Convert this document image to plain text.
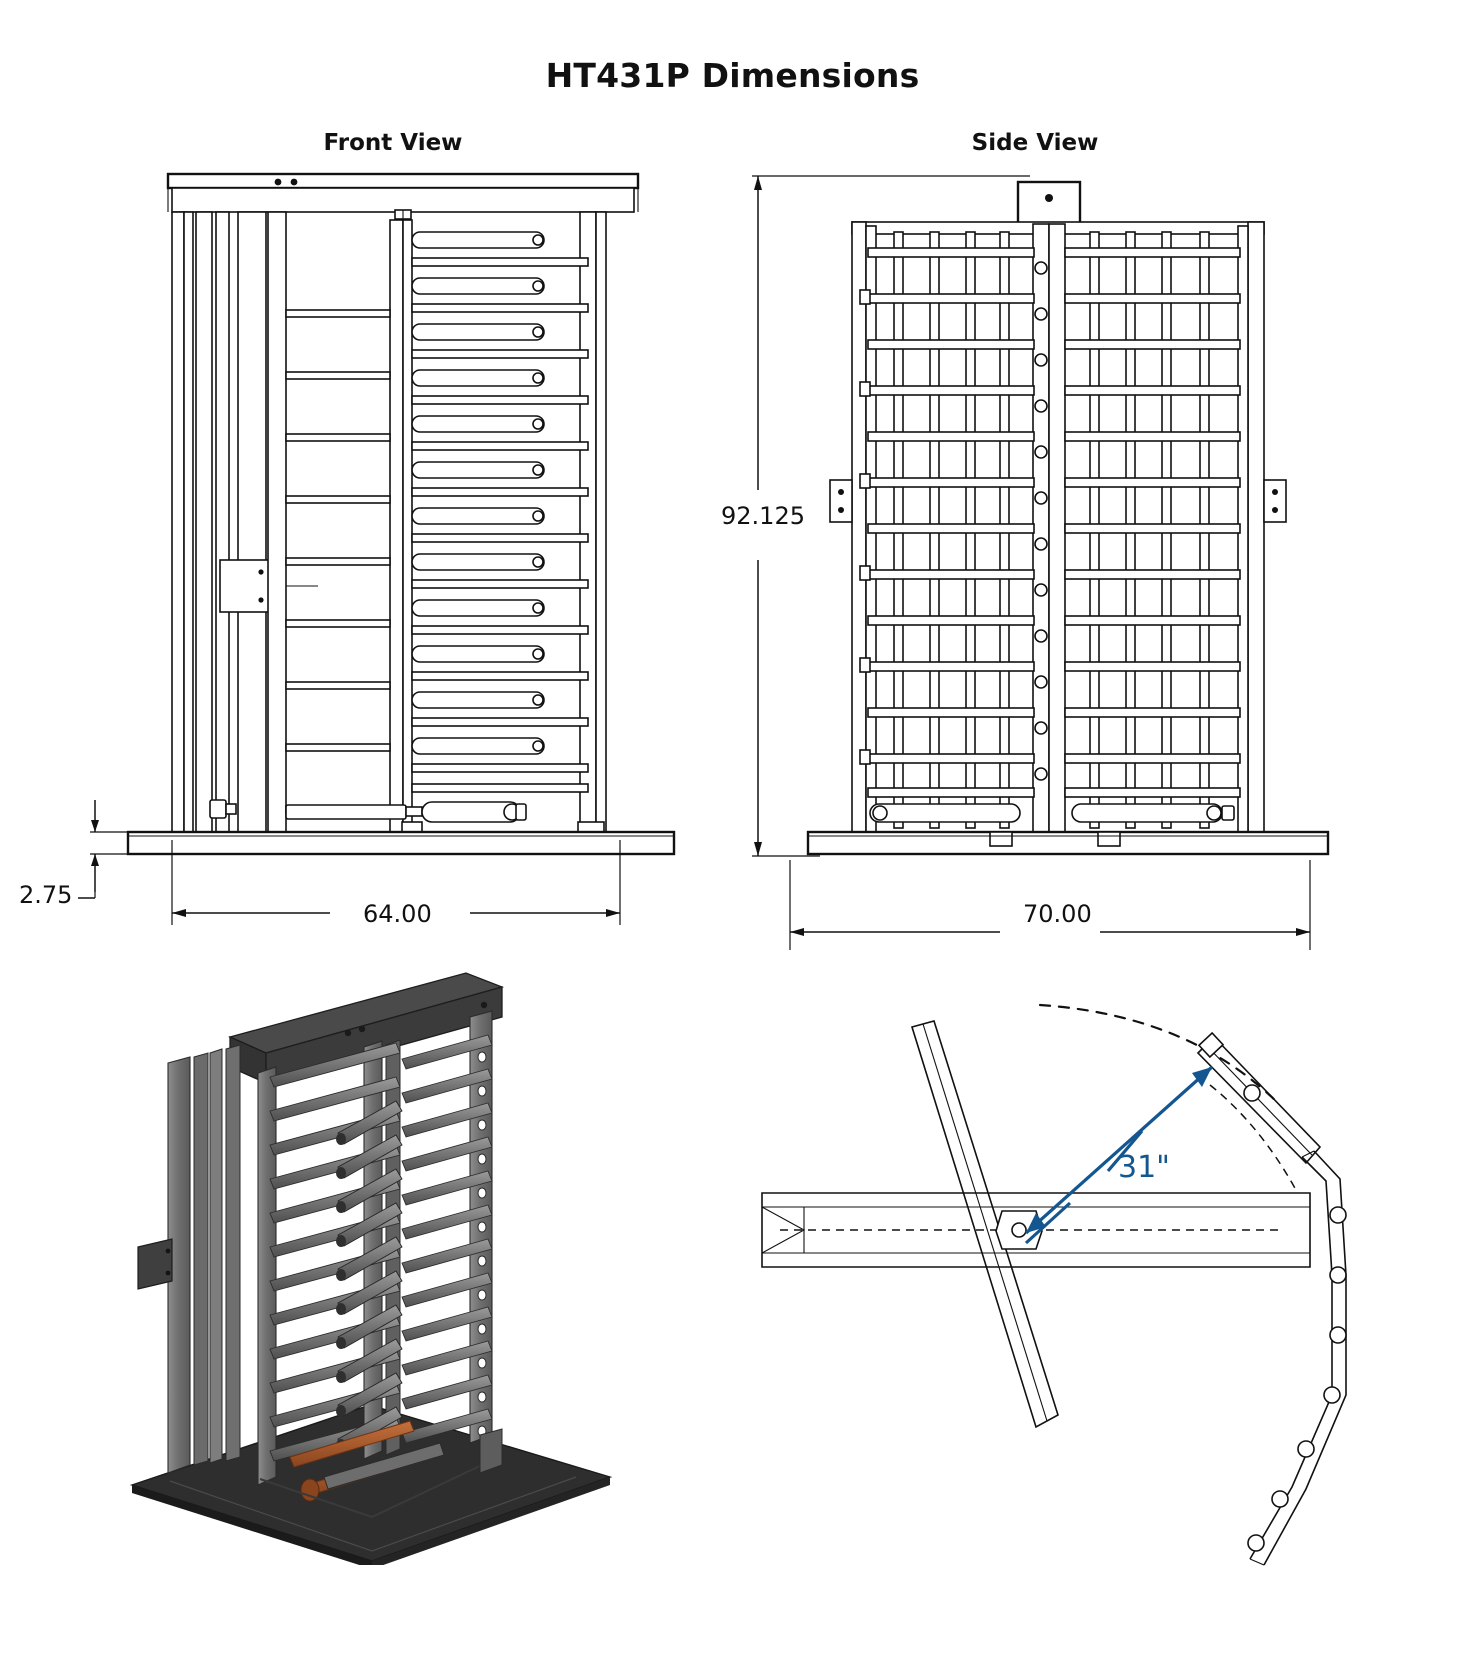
HT431P Dimensions
Front View	Side View
2.75
64.00
92.125
70.00
31"
